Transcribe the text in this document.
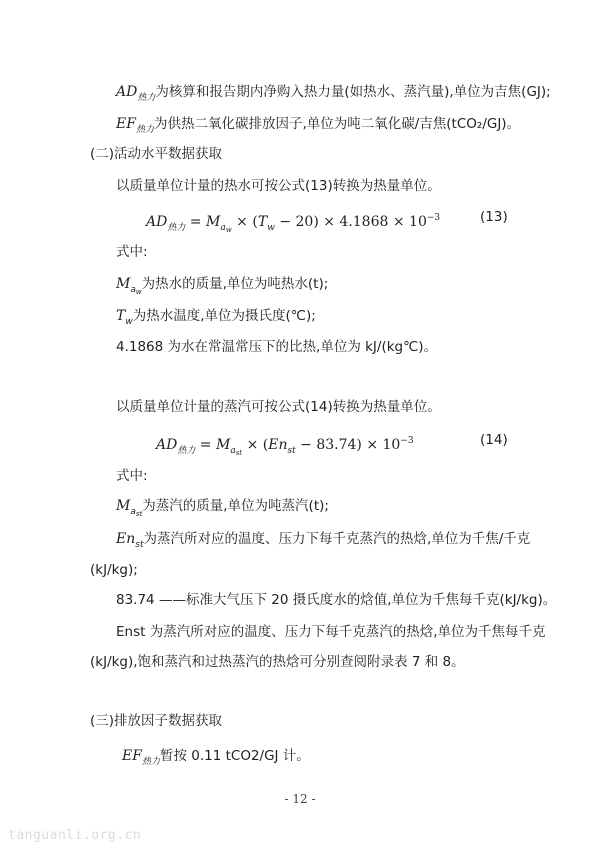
$AD_{热力}$为核算和报告期内净购入热力量(如热水、蒸汽量),单位为吉焦(GJ);
$EF_{热力}$为供热二氧化碳排放因子,单位为吨二氧化碳/吉焦(tCO₂/GJ)。
(二)活动水平数据获取
以质量单位计量的热水可按公式(13)转换为热量单位。
$AD_{热力} = M_{a_w} \times (T_w - 20) \times 4.1868 \times 10^{-3}$	(13)
式中:
$M_{a_w}$为热水的质量,单位为吨热水(t);
$T_w$为热水温度,单位为摄氏度(℃);
4.1868 为水在常温常压下的比热,单位为 kJ/(kg℃)。
以质量单位计量的蒸汽可按公式(14)转换为热量单位。
$AD_{热力} = M_{a_{st}} \times (En_{st} - 83.74) \times 10^{-3}$	(14)
式中:
$M_{a_{st}}$为蒸汽的质量,单位为吨蒸汽(t);
$En_{st}$为蒸汽所对应的温度、压力下每千克蒸汽的热焓,单位为千焦/千克
(kJ/kg);
83.74 ——标准大气压下 20 摄氏度水的焓值,单位为千焦每千克(kJ/kg)。
Enst 为蒸汽所对应的温度、压力下每千克蒸汽的热焓,单位为千焦每千克
(kJ/kg),饱和蒸汽和过热蒸汽的热焓可分别查阅附录表 7 和 8。
(三)排放因子数据获取
$EF_{热力}$暂按 0.11 tCO2/GJ 计。
- 12 -
tanguanli.org.cn
